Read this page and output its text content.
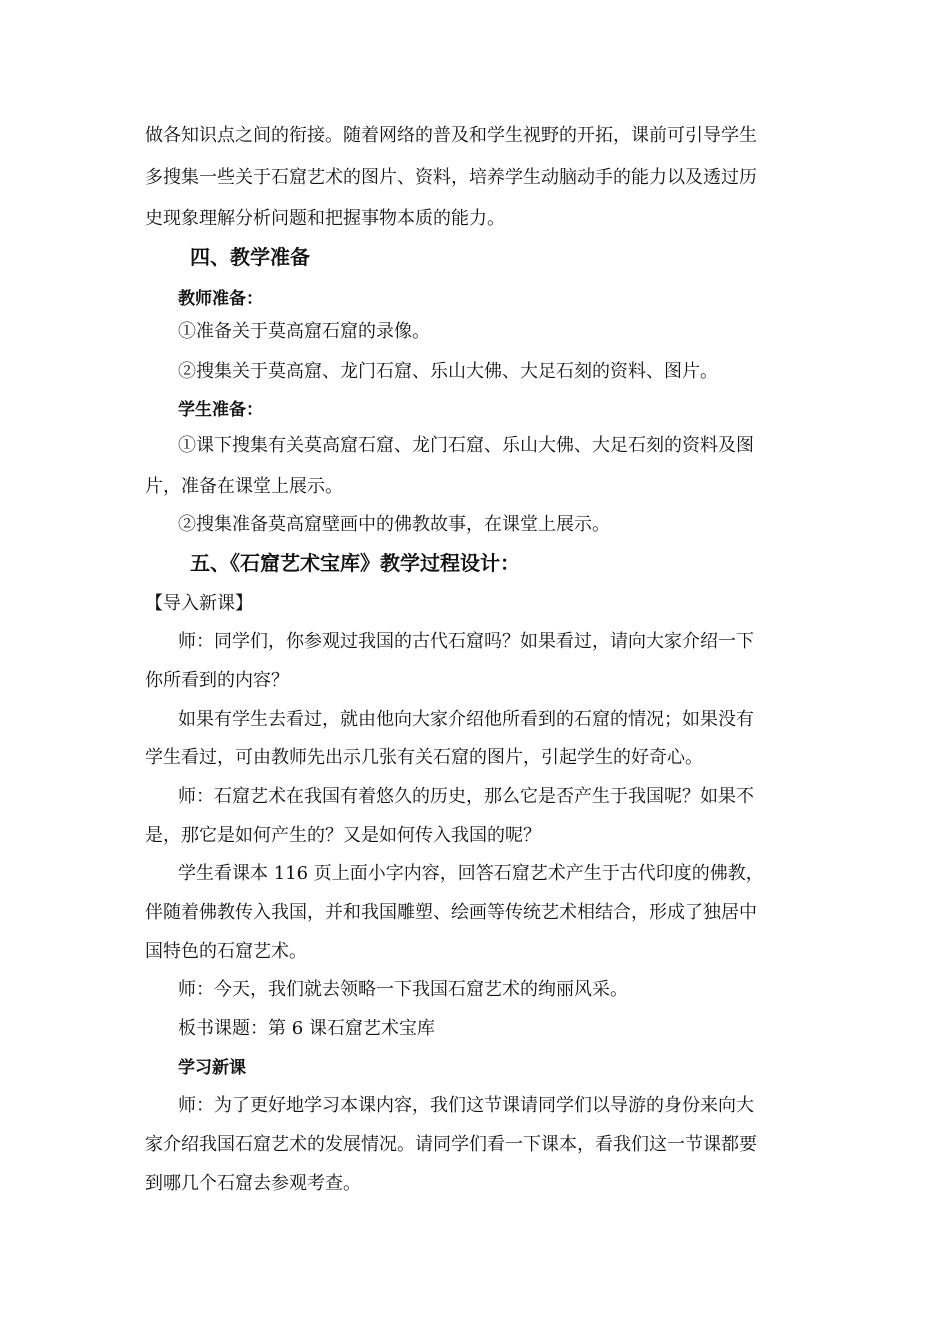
做各知识点之间的衔接。随着网络的普及和学生视野的开拓，课前可引导学生
多搜集一些关于石窟艺术的图片、资料，培养学生动脑动手的能力以及透过历
史现象理解分析问题和把握事物本质的能力。
四、教学准备
教师准备：
①准备关于莫高窟石窟的录像。
②搜集关于莫高窟、龙门石窟、乐山大佛、大足石刻的资料、图片。
学生准备：
①课下搜集有关莫高窟石窟、龙门石窟、乐山大佛、大足石刻的资料及图
片，准备在课堂上展示。
②搜集准备莫高窟壁画中的佛教故事，在课堂上展示。
五、《石窟艺术宝库》教学过程设计：
【导入新课】
师：同学们，你参观过我国的古代石窟吗？如果看过，请向大家介绍一下
你所看到的内容？
如果有学生去看过，就由他向大家介绍他所看到的石窟的情况；如果没有
学生看过，可由教师先出示几张有关石窟的图片，引起学生的好奇心。
师：石窟艺术在我国有着悠久的历史，那么它是否产生于我国呢？如果不
是，那它是如何产生的？又是如何传入我国的呢？
学生看课本 116 页上面小字内容，回答石窟艺术产生于古代印度的佛教，
伴随着佛教传入我国，并和我国雕塑、绘画等传统艺术相结合，形成了独居中
国特色的石窟艺术。
师：今天，我们就去领略一下我国石窟艺术的绚丽风采。
板书课题：第 6 课石窟艺术宝库
学习新课
师：为了更好地学习本课内容，我们这节课请同学们以导游的身份来向大
家介绍我国石窟艺术的发展情况。请同学们看一下课本，看我们这一节课都要
到哪几个石窟去参观考查。
